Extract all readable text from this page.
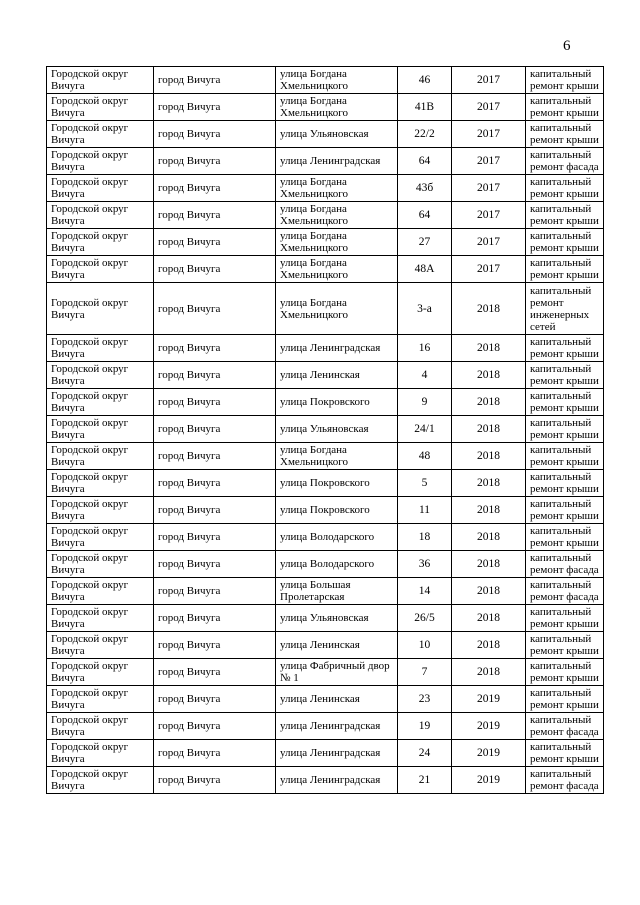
6
Городской округ Вичуга	город Вичуга	улица Богдана Хмельницкого	46	2017	капитальный ремонт крыши
Городской округ Вичуга	город Вичуга	улица Богдана Хмельницкого	41В	2017	капитальный ремонт крыши
Городской округ Вичуга	город Вичуга	улица Ульяновская	22/2	2017	капитальный ремонт крыши
Городской округ Вичуга	город Вичуга	улица Ленинградская	64	2017	капитальный ремонт фасада
Городской округ Вичуга	город Вичуга	улица Богдана Хмельницкого	43б	2017	капитальный ремонт крыши
Городской округ Вичуга	город Вичуга	улица Богдана Хмельницкого	64	2017	капитальный ремонт крыши
Городской округ Вичуга	город Вичуга	улица Богдана Хмельницкого	27	2017	капитальный ремонт крыши
Городской округ Вичуга	город Вичуга	улица Богдана Хмельницкого	48А	2017	капитальный ремонт крыши
Городской округ Вичуга	город Вичуга	улица Богдана Хмельницкого	3-а	2018	капитальный ремонт инженерных сетей
Городской округ Вичуга	город Вичуга	улица Ленинградская	16	2018	капитальный ремонт крыши
Городской округ Вичуга	город Вичуга	улица Ленинская	4	2018	капитальный ремонт крыши
Городской округ Вичуга	город Вичуга	улица Покровского	9	2018	капитальный ремонт крыши
Городской округ Вичуга	город Вичуга	улица Ульяновская	24/1	2018	капитальный ремонт крыши
Городской округ Вичуга	город Вичуга	улица Богдана Хмельницкого	48	2018	капитальный ремонт крыши
Городской округ Вичуга	город Вичуга	улица Покровского	5	2018	капитальный ремонт крыши
Городской округ Вичуга	город Вичуга	улица Покровского	11	2018	капитальный ремонт крыши
Городской округ Вичуга	город Вичуга	улица Володарского	18	2018	капитальный ремонт крыши
Городской округ Вичуга	город Вичуга	улица Володарского	36	2018	капитальный ремонт фасада
Городской округ Вичуга	город Вичуга	улица Большая Пролетарская	14	2018	капитальный ремонт фасада
Городской округ Вичуга	город Вичуга	улица Ульяновская	26/5	2018	капитальный ремонт крыши
Городской округ Вичуга	город Вичуга	улица Ленинская	10	2018	капитальный ремонт крыши
Городской округ Вичуга	город Вичуга	улица Фабричный двор № 1	7	2018	капитальный ремонт крыши
Городской округ Вичуга	город Вичуга	улица Ленинская	23	2019	капитальный ремонт крыши
Городской округ Вичуга	город Вичуга	улица Ленинградская	19	2019	капитальный ремонт фасада
Городской округ Вичуга	город Вичуга	улица Ленинградская	24	2019	капитальный ремонт крыши
Городской округ Вичуга	город Вичуга	улица Ленинградская	21	2019	капитальный ремонт фасада
